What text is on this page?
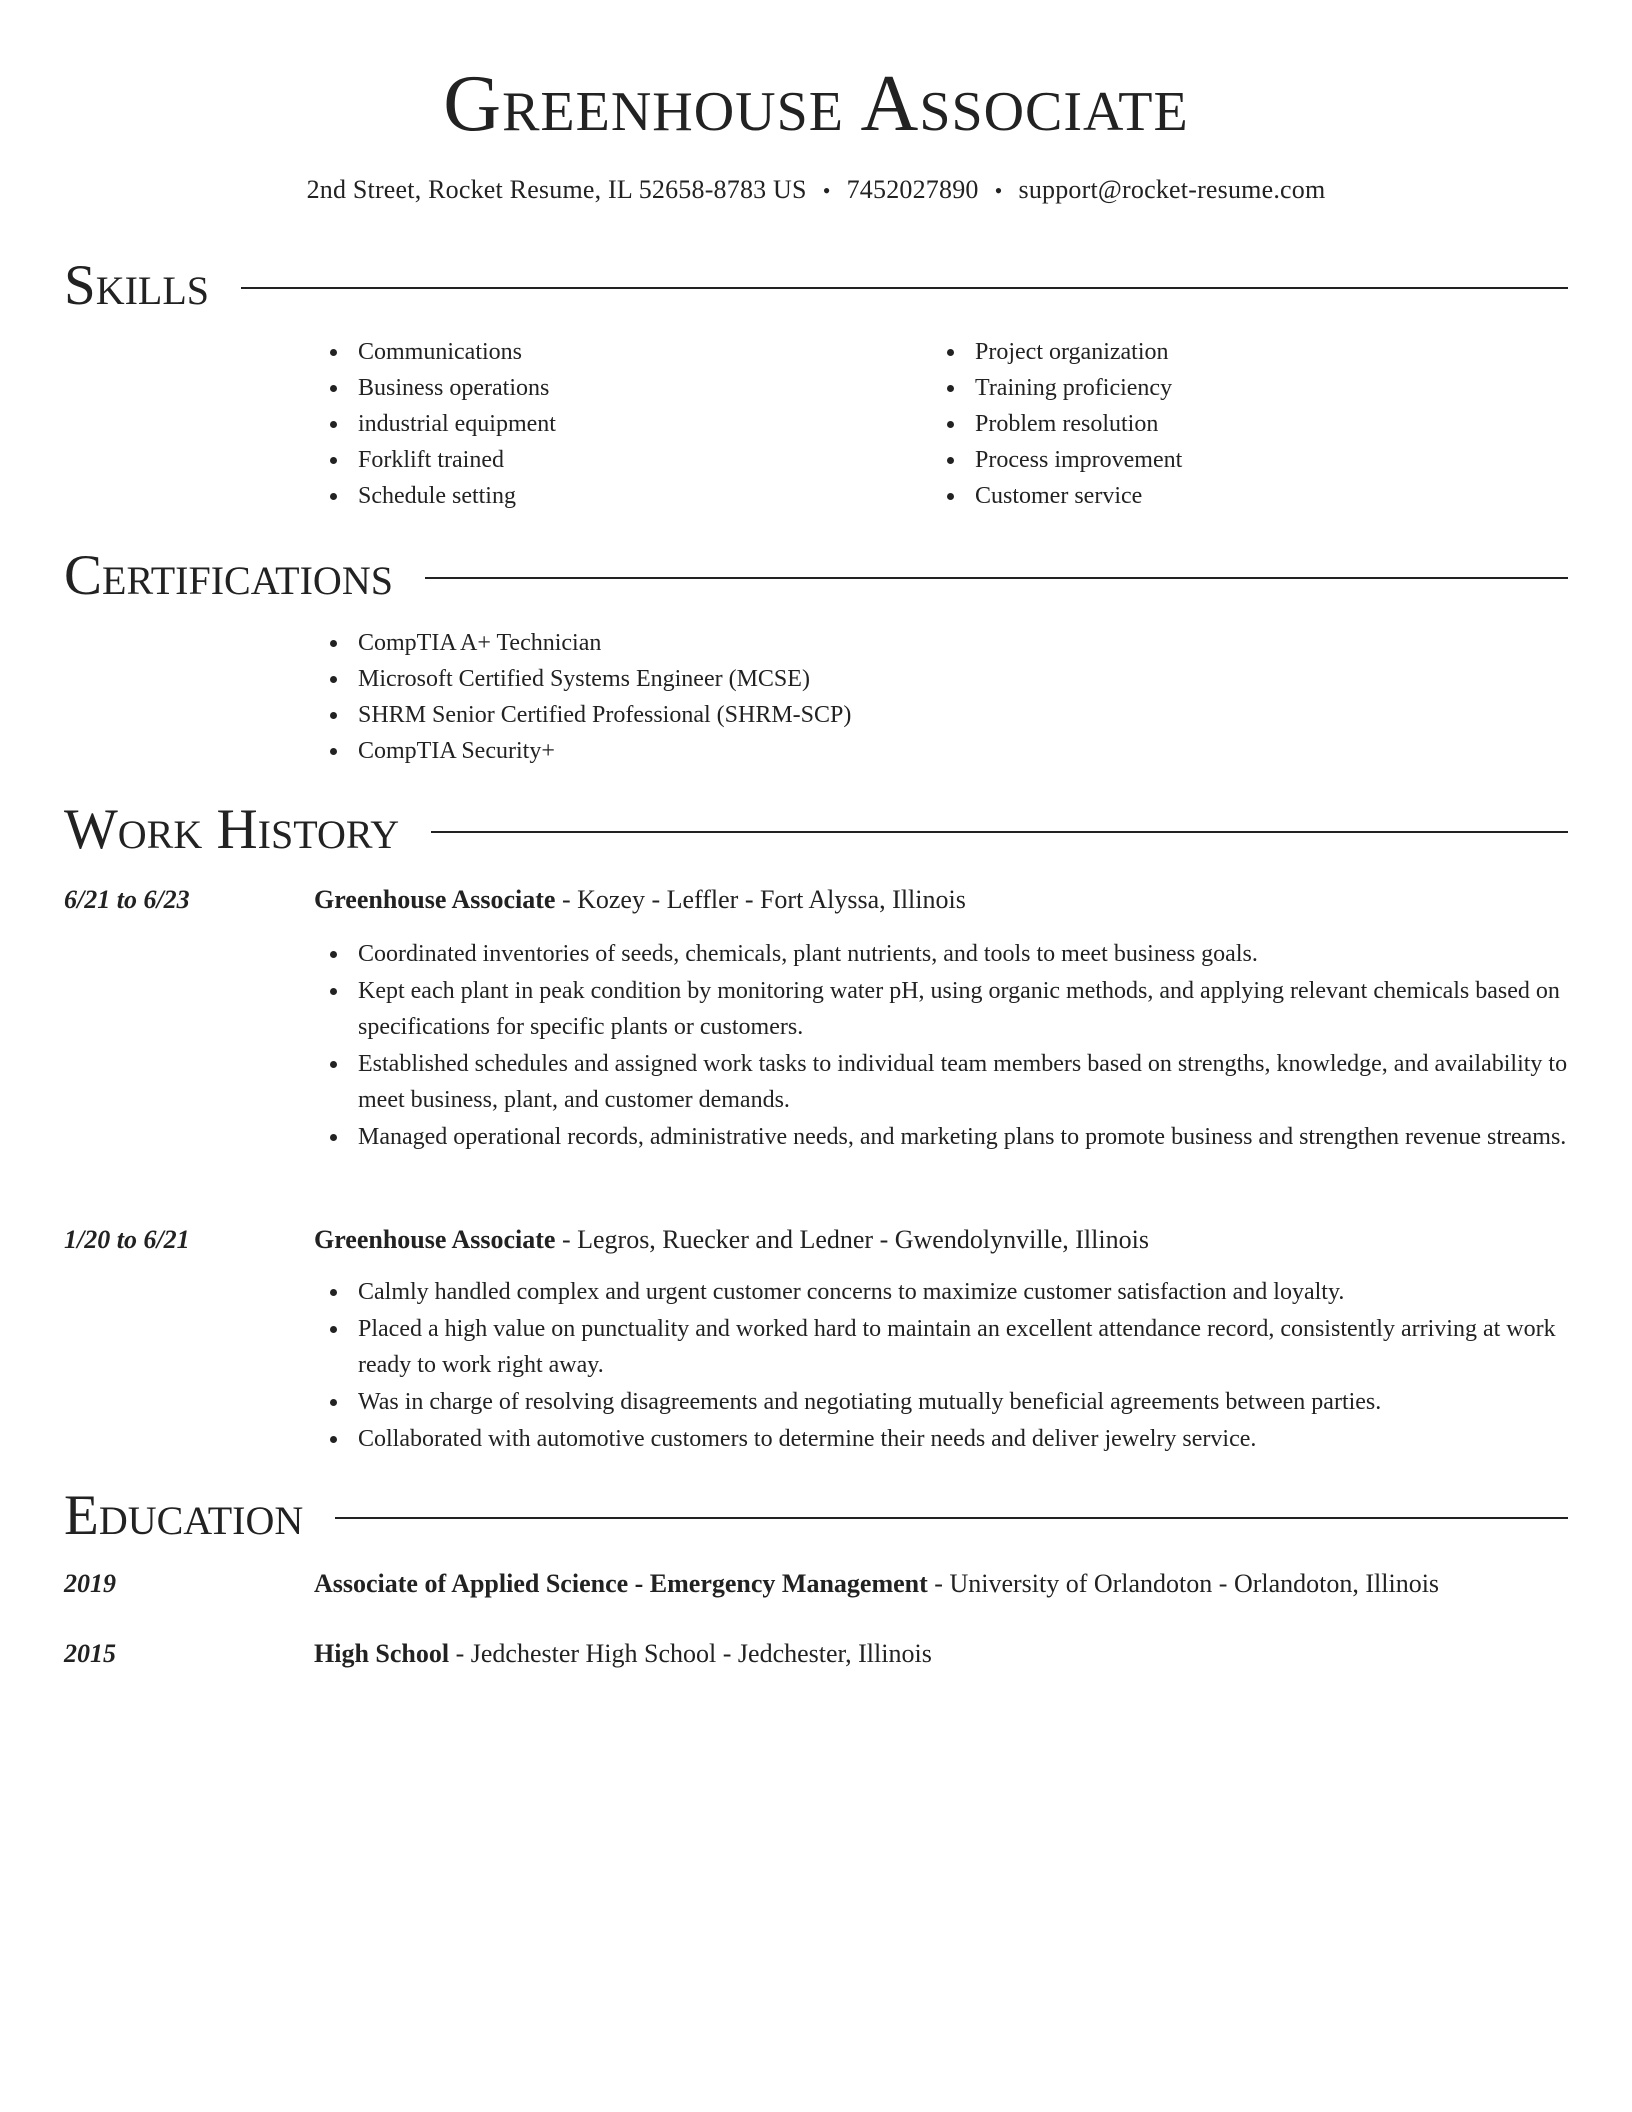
Greenhouse Associate
2nd Street, Rocket Resume, IL 52658-8783 US • 7452027890 • support@rocket-resume.com
Skills
Communications
Business operations
industrial equipment
Forklift trained
Schedule setting
Project organization
Training proficiency
Problem resolution
Process improvement
Customer service
Certifications
CompTIA A+ Technician
Microsoft Certified Systems Engineer (MCSE)
SHRM Senior Certified Professional (SHRM-SCP)
CompTIA Security+
Work History
6/21 to 6/23	Greenhouse Associate - Kozey - Leffler - Fort Alyssa, Illinois
Coordinated inventories of seeds, chemicals, plant nutrients, and tools to meet business goals.
Kept each plant in peak condition by monitoring water pH, using organic methods, and applying relevant chemicals based on specifications for specific plants or customers.
Established schedules and assigned work tasks to individual team members based on strengths, knowledge, and availability to meet business, plant, and customer demands.
Managed operational records, administrative needs, and marketing plans to promote business and strengthen revenue streams.
1/20 to 6/21	Greenhouse Associate - Legros, Ruecker and Ledner - Gwendolynville, Illinois
Calmly handled complex and urgent customer concerns to maximize customer satisfaction and loyalty.
Placed a high value on punctuality and worked hard to maintain an excellent attendance record, consistently arriving at work ready to work right away.
Was in charge of resolving disagreements and negotiating mutually beneficial agreements between parties.
Collaborated with automotive customers to determine their needs and deliver jewelry service.
Education
2019	Associate of Applied Science - Emergency Management - University of Orlandoton - Orlandoton, Illinois
2015	High School - Jedchester High School - Jedchester, Illinois
